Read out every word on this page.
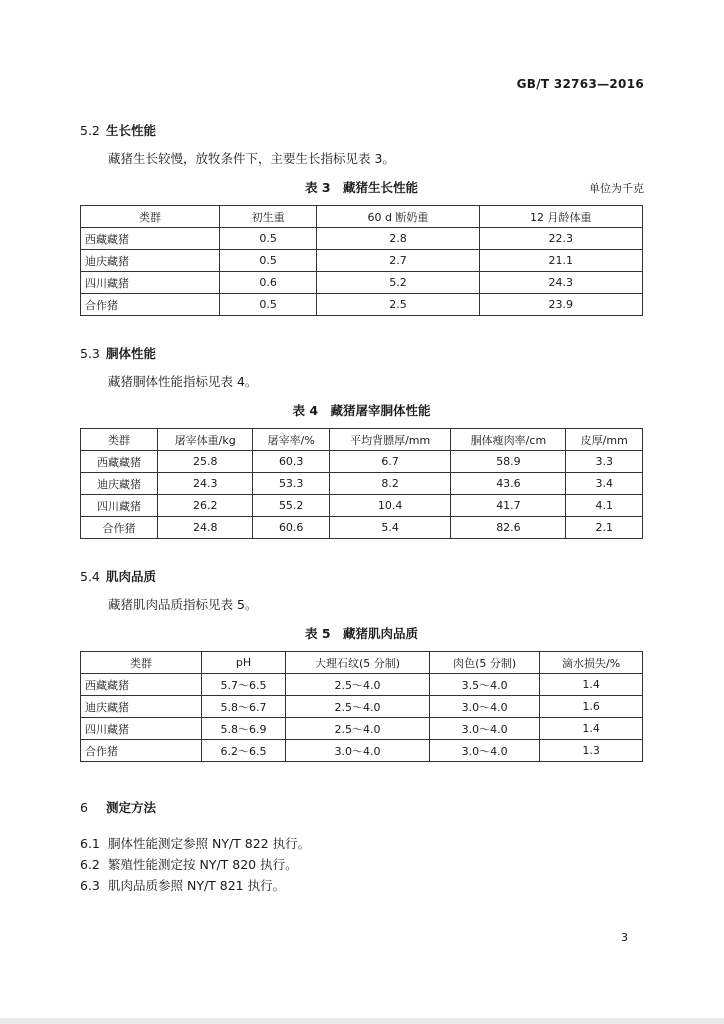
GB/T 32763—2016
5.2 生长性能
藏猪生长较慢，放牧条件下，主要生长指标见表 3。
表 3　藏猪生长性能	单位为千克
类群	初生重	60 d 断奶重	12 月龄体重
西藏藏猪	0.5	2.8	22.3
迪庆藏猪	0.5	2.7	21.1
四川藏猪	0.6	5.2	24.3
合作猪	0.5	2.5	23.9
5.3 胴体性能
藏猪胴体性能指标见表 4。
表 4　藏猪屠宰胴体性能
类群	屠宰体重/kg	屠宰率/%	平均背膘厚/mm	胴体瘦肉率/cm	皮厚/mm
西藏藏猪	25.8	60.3	6.7	58.9	3.3
迪庆藏猪	24.3	53.3	8.2	43.6	3.4
四川藏猪	26.2	55.2	10.4	41.7	4.1
合作猪	24.8	60.6	5.4	82.6	2.1
5.4 肌肉品质
藏猪肌肉品质指标见表 5。
表 5　藏猪肌肉品质
类群	pH	大理石纹(5 分制)	肉色(5 分制)	滴水损失/%
西藏藏猪	5.7～6.5	2.5～4.0	3.5～4.0	1.4
迪庆藏猪	5.8～6.7	2.5～4.0	3.0～4.0	1.6
四川藏猪	5.8～6.9	2.5～4.0	3.0～4.0	1.4
合作猪	6.2～6.5	3.0～4.0	3.0～4.0	1.3
6 测定方法
6.1 胴体性能测定参照 NY/T 822 执行。
6.2 繁殖性能测定按 NY/T 820 执行。
6.3 肌肉品质参照 NY/T 821 执行。
3
